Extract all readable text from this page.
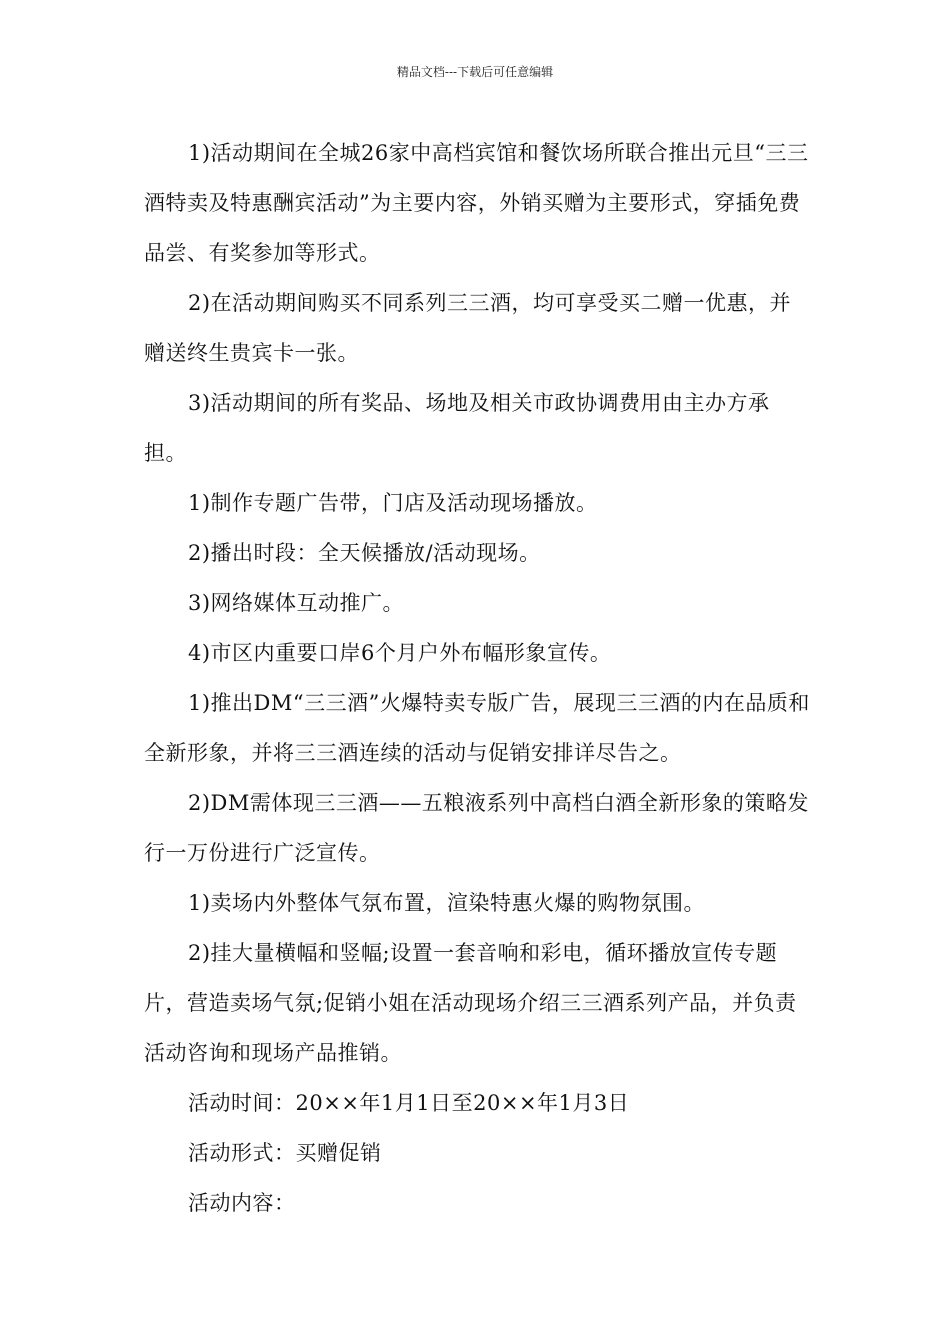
精品文档---下载后可任意编辑

1)活动期间在全城26家中高档宾馆和餐饮场所联合推出元旦“三三酒特卖及特惠酬宾活动”为主要内容，外销买赠为主要形式，穿插免费品尝、有奖参加等形式。

2)在活动期间购买不同系列三三酒，均可享受买二赠一优惠，并赠送终生贵宾卡一张。

3)活动期间的所有奖品、场地及相关市政协调费用由主办方承担。

1)制作专题广告带，门店及活动现场播放。

2)播出时段：全天候播放/活动现场。

3)网络媒体互动推广。

4)市区内重要口岸6个月户外布幅形象宣传。

1)推出DM“三三酒”火爆特卖专版广告，展现三三酒的内在品质和全新形象，并将三三酒连续的活动与促销安排详尽告之。

2)DM需体现三三酒——五粮液系列中高档白酒全新形象的策略发行一万份进行广泛宣传。

1)卖场内外整体气氛布置，渲染特惠火爆的购物氛围。

2)挂大量横幅和竖幅;设置一套音响和彩电，循环播放宣传专题片，营造卖场气氛;促销小姐在活动现场介绍三三酒系列产品，并负责活动咨询和现场产品推销。

活动时间：20××年1月1日至20××年1月3日

活动形式：买赠促销

活动内容：
